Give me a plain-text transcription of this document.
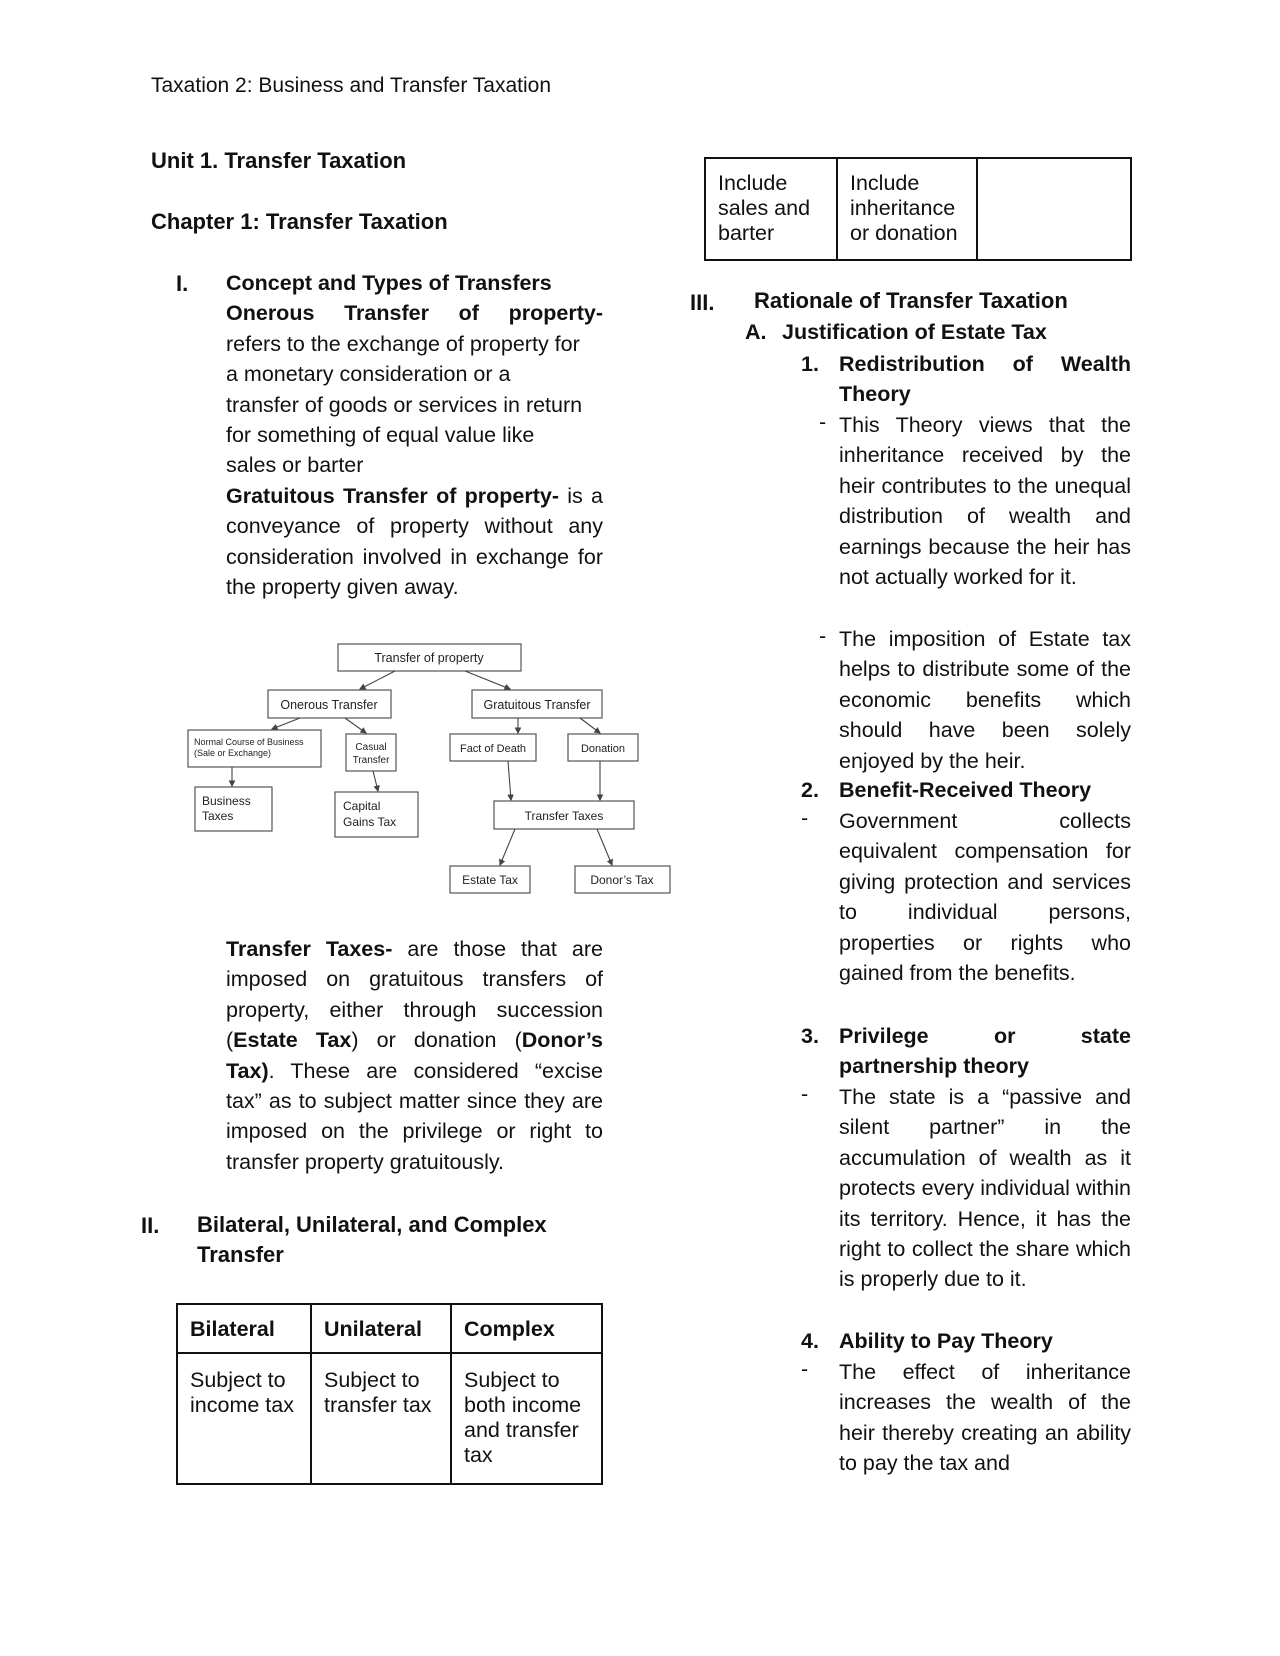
Taxation 2: Business and Transfer Taxation
Unit 1. Transfer Taxation
Chapter 1: Transfer Taxation
I. Concept and Types of Transfers
Onerous Transfer of property-
refers to the exchange of property for a monetary consideration or a transfer of goods or services in return for something of equal value like sales or barter
Gratuitous Transfer of property- is a conveyance of property without any consideration involved in exchange for the property given away.
Transfer of property
Onerous Transfer	Gratuitous Transfer
Normal Course of Business
(Sale or Exchange)	Casual
Transfer
Fact of Death	Donation
Business
Taxes
Capital
Gains Tax	Transfer Taxes
Estate Tax	Donor’s Tax
Transfer Taxes- are those that are imposed on gratuitous transfers of property, either through succession (Estate Tax) or donation (Donor’s Tax). These are considered “excise tax” as to subject matter since they are imposed on the privilege or right to transfer property gratuitously.
II. Bilateral, Unilateral, and Complex Transfer
Bilateral	Unilateral	Complex
Subject to income tax	Subject to transfer tax	Subject to both income and transfer tax
Include sales and barter	Include inheritance or donation	
III. Rationale of Transfer Taxation
A. Justification of Estate Tax
1. Redistribution of Wealth Theory
- This Theory views that the inheritance received by the heir contributes to the unequal distribution of wealth and earnings because the heir has not actually worked for it.
- The imposition of Estate tax helps to distribute some of the economic benefits which should have been solely enjoyed by the heir.
2. Benefit-Received Theory
- Government collects equivalent compensation for giving protection and services to individual persons, properties or rights who gained from the benefits.
3. Privilege or state partnership theory
- The state is a “passive and silent partner” in the accumulation of wealth as it protects every individual within its territory. Hence, it has the right to collect the share which is properly due to it.
4. Ability to Pay Theory
- The effect of inheritance increases the wealth of the heir thereby creating an ability to pay the tax and
